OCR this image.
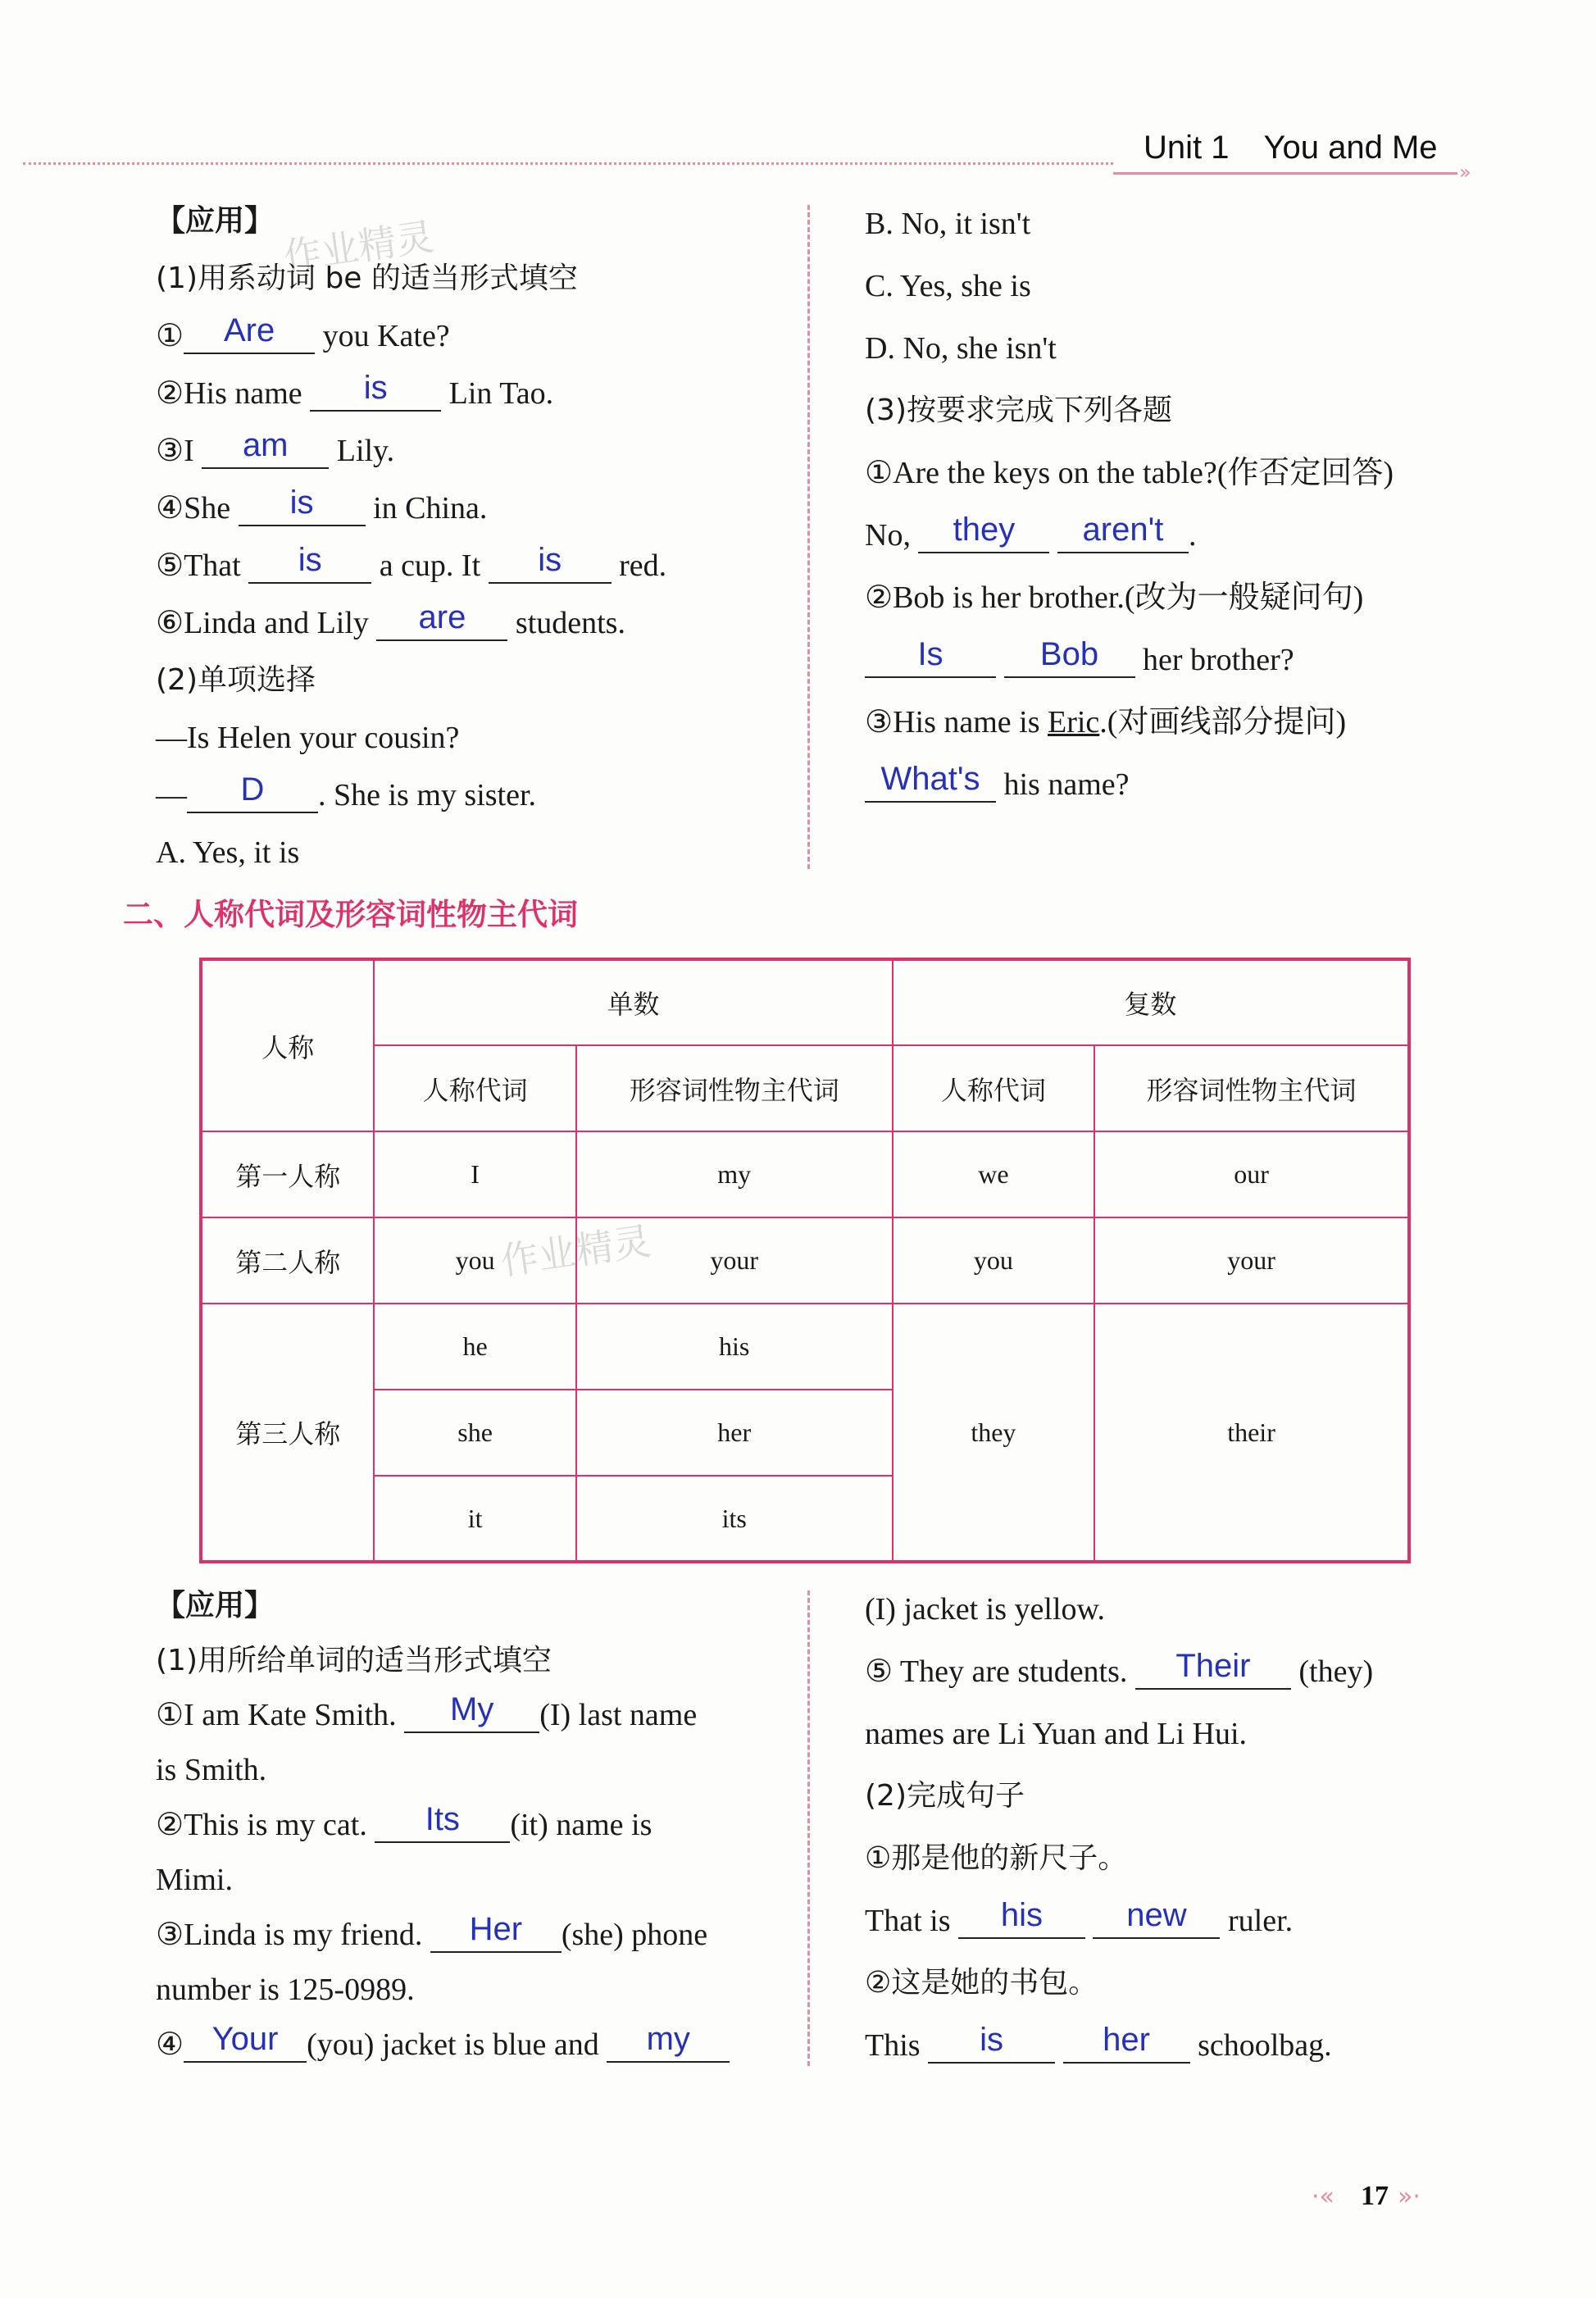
Unit 1 You and Me
»
作业精灵
作业精灵
【应用】
(1)用系动词 be 的适当形式填空
① Are you Kate?
②His name is Lin Tao.
③I am Lily.
④She is in China.
⑤That is a cup. It is red.
⑥Linda and Lily are students.
(2)单项选择
—Is Helen your cousin?
— D . She is my sister.
A. Yes, it is
B. No, it isn't
C. Yes, she is
D. No, she isn't
(3)按要求完成下列各题
①Are the keys on the table?(作否定回答)
No, they aren't .
②Bob is her brother.(改为一般疑问句)
Is	Bob her brother?
③His name is Eric.(对画线部分提问)
What's his name?
二、人称代词及形容词性物主代词
人称	单数		复数	
	人称代词	形容词性物主代词	人称代词	形容词性物主代词
第一人称	I	my	we	our
第二人称	you	your	you	your
第三人称	he	his	they	their
	she	her		
	it	its		
【应用】
(1)用所给单词的适当形式填空
①I am Kate Smith. My (I) last name
is Smith.
②This is my cat. Its (it) name is
Mimi.
③Linda is my friend. Her (she) phone
number is 125-0989.
④ Your (you) jacket is blue and my
(I) jacket is yellow.
⑤ They are students. Their (they)
names are Li Yuan and Li Hui.
(2)完成句子
①那是他的新尺子。
That is his	new ruler.
②这是她的书包。
This is	her schoolbag.
·« 17 »·
